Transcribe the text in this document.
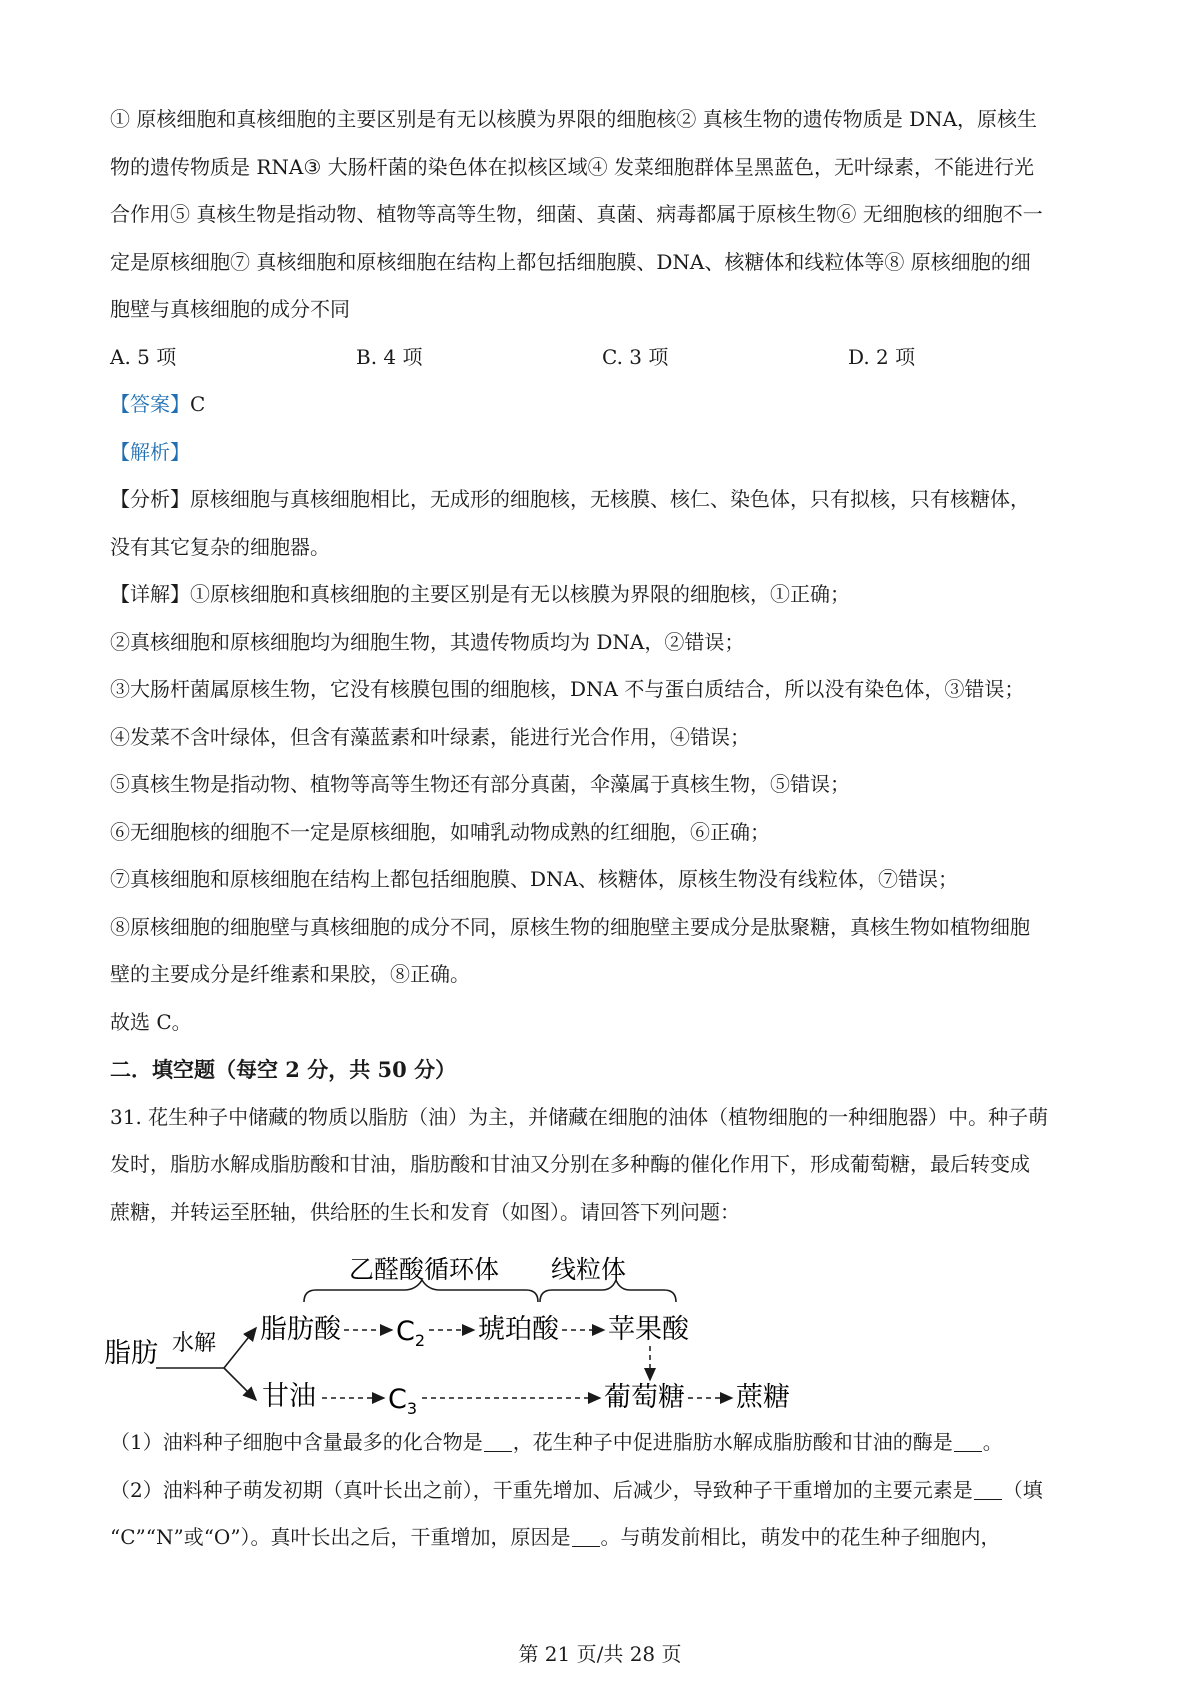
① 原核细胞和真核细胞的主要区别是有无以核膜为界限的细胞核② 真核生物的遗传物质是 DNA，原核生

物的遗传物质是 RNA③ 大肠杆菌的染色体在拟核区域④ 发菜细胞群体呈黑蓝色，无叶绿素，不能进行光

合作用⑤ 真核生物是指动物、植物等高等生物，细菌、真菌、病毒都属于原核生物⑥ 无细胞核的细胞不一

定是原核细胞⑦ 真核细胞和原核细胞在结构上都包括细胞膜、DNA、核糖体和线粒体等⑧ 原核细胞的细

胞壁与真核细胞的成分不同

A. 5 项	B. 4 项	C. 3 项	D. 2 项

【答案】C

【解析】

【分析】原核细胞与真核细胞相比，无成形的细胞核，无核膜、核仁、染色体，只有拟核，只有核糖体，

没有其它复杂的细胞器。

【详解】①原核细胞和真核细胞的主要区别是有无以核膜为界限的细胞核，①正确；

②真核细胞和原核细胞均为细胞生物，其遗传物质均为 DNA，②错误；

③大肠杆菌属原核生物，它没有核膜包围的细胞核，DNA 不与蛋白质结合，所以没有染色体，③错误；

④发菜不含叶绿体，但含有藻蓝素和叶绿素，能进行光合作用，④错误；

⑤真核生物是指动物、植物等高等生物还有部分真菌，伞藻属于真核生物，⑤错误；

⑥无细胞核的细胞不一定是原核细胞，如哺乳动物成熟的红细胞，⑥正确；

⑦真核细胞和原核细胞在结构上都包括细胞膜、DNA、核糖体，原核生物没有线粒体，⑦错误；

⑧原核细胞的细胞壁与真核细胞的成分不同，原核生物的细胞壁主要成分是肽聚糖，真核生物如植物细胞

壁的主要成分是纤维素和果胶，⑧正确。

故选 C。

二．填空题（每空 2 分，共 50 分）

31. 花生种子中储藏的物质以脂肪（油）为主，并储藏在细胞的油体（植物细胞的一种细胞器）中。种子萌

发时，脂肪水解成脂肪酸和甘油，脂肪酸和甘油又分别在多种酶的催化作用下，形成葡萄糖，最后转变成

蔗糖，并转运至胚轴，供给胚的生长和发育（如图）。请回答下列问题：

乙醛酸循环体 线粒体
脂肪 水解 脂肪酸 $C_2$ 琥珀酸 苹果酸
甘油	$C_3$	葡萄糖 蔗糖

（1）油料种子细胞中含量最多的化合物是 ，花生种子中促进脂肪水解成脂肪酸和甘油的酶是 。

（2）油料种子萌发初期（真叶长出之前），干重先增加、后减少，导致种子干重增加的主要元素是 （填

“C”“N”或“O”）。真叶长出之后，干重增加，原因是 。与萌发前相比，萌发中的花生种子细胞内，

第 21 页/共 28 页
